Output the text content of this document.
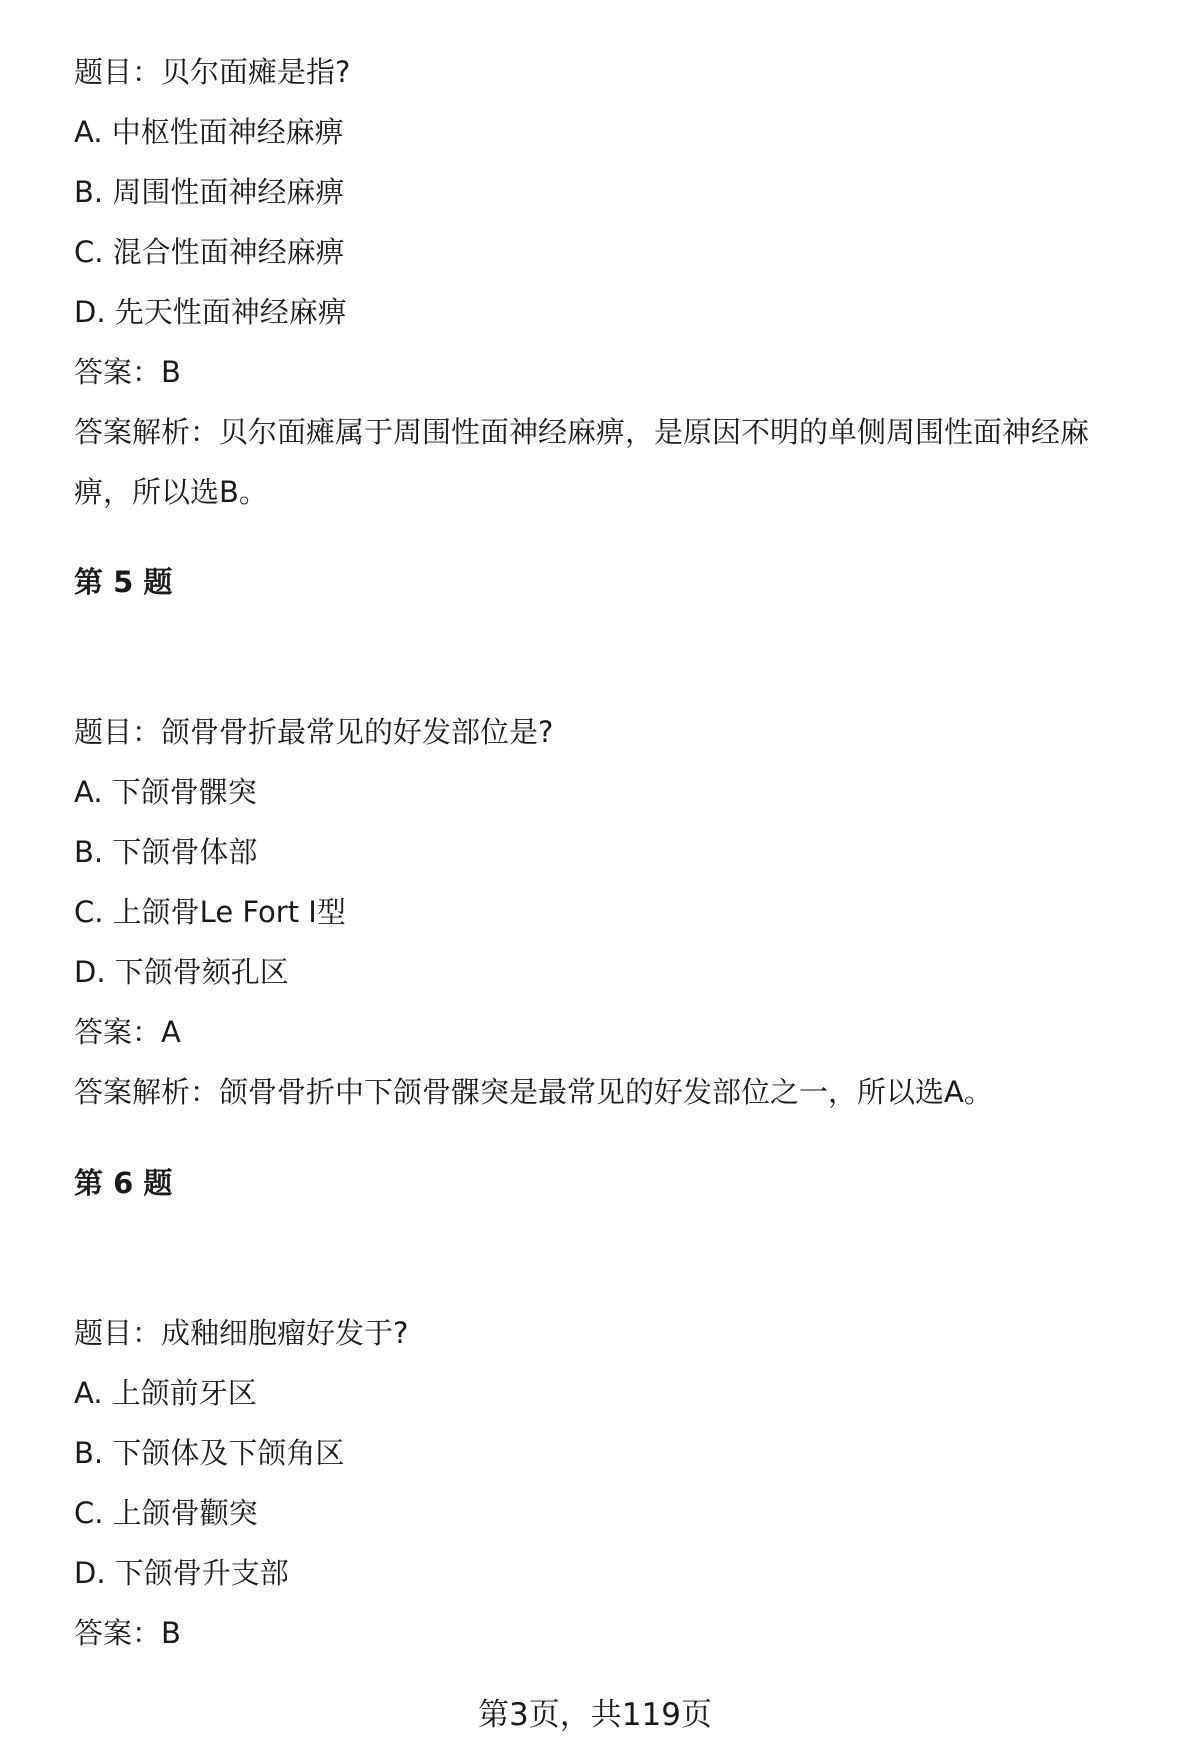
题目：贝尔面瘫是指?
A. 中枢性面神经麻痹
B. 周围性面神经麻痹
C. 混合性面神经麻痹
D. 先天性面神经麻痹
答案：B
答案解析：贝尔面瘫属于周围性面神经麻痹，是原因不明的单侧周围性面神经麻
痹，所以选B。
第 5 题
题目：颌骨骨折最常见的好发部位是?
A. 下颌骨髁突
B. 下颌骨体部
C. 上颌骨Le Fort I型
D. 下颌骨颏孔区
答案：A
答案解析：颌骨骨折中下颌骨髁突是最常见的好发部位之一，所以选A。
第 6 题
题目：成釉细胞瘤好发于?
A. 上颌前牙区
B. 下颌体及下颌角区
C. 上颌骨颧突
D. 下颌骨升支部
答案：B
第3页，共119页
